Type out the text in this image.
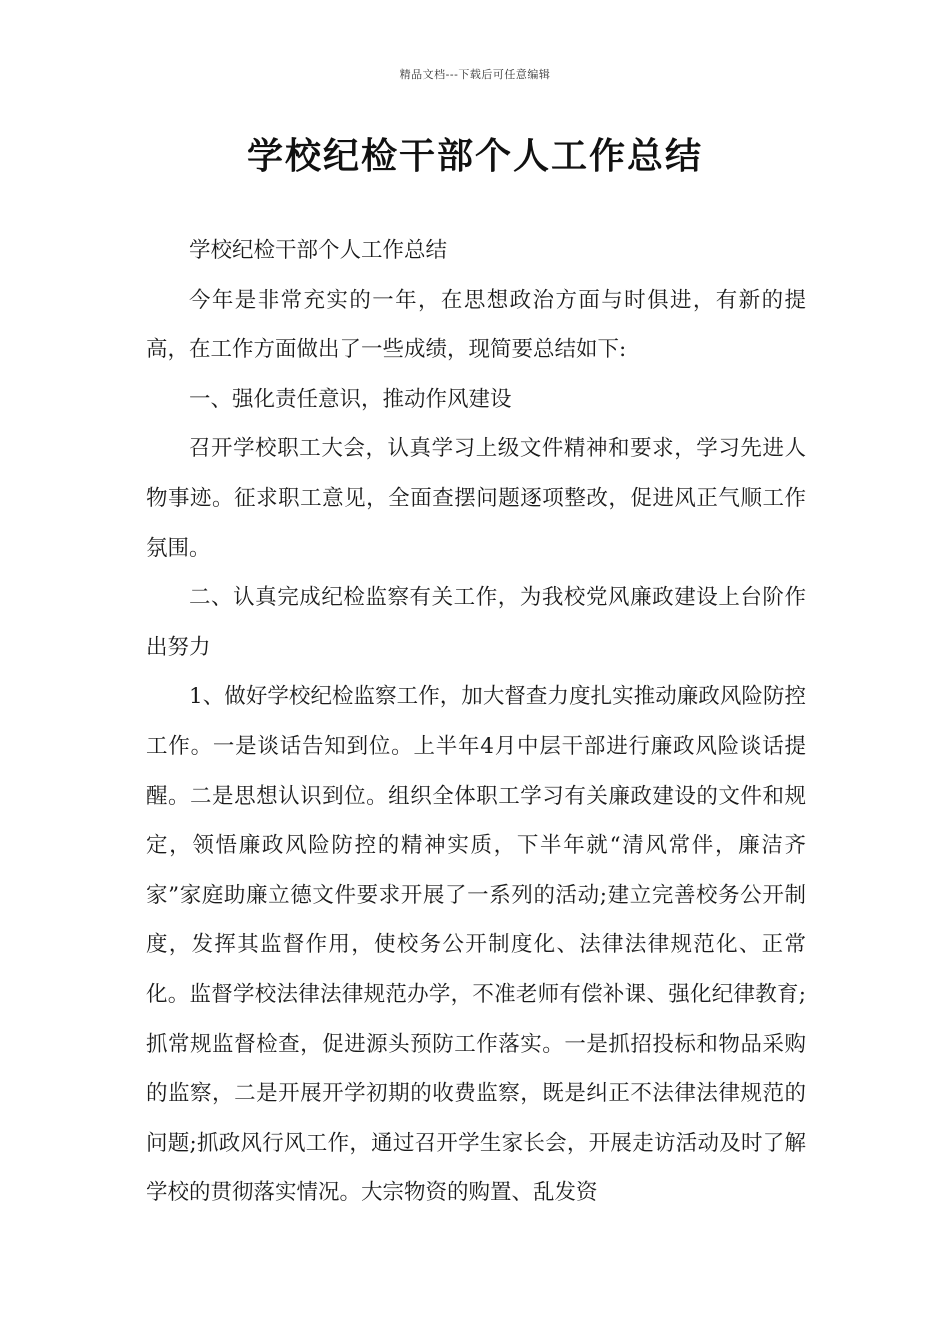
精品文档---下载后可任意编辑
学校纪检干部个人工作总结

学校纪检干部个人工作总结

今年是非常充实的一年，在思想政治方面与时俱进，有新的提高，在工作方面做出了一些成绩，现简要总结如下:

一、强化责任意识，推动作风建设

召开学校职工大会，认真学习上级文件精神和要求，学习先进人物事迹。征求职工意见，全面查摆问题逐项整改，促进风正气顺工作氛围。

二、认真完成纪检监察有关工作，为我校党风廉政建设上台阶作出努力

1、做好学校纪检监察工作，加大督查力度扎实推动廉政风险防控工作。一是谈话告知到位。上半年4月中层干部进行廉政风险谈话提醒。二是思想认识到位。组织全体职工学习有关廉政建设的文件和规定，领悟廉政风险防控的精神实质，下半年就“清风常伴，廉洁齐家”家庭助廉立德文件要求开展了一系列的活动;建立完善校务公开制度，发挥其监督作用，使校务公开制度化、法律法律规范化、正常化。监督学校法律法律规范办学，不准老师有偿补课、强化纪律教育;抓常规监督检查，促进源头预防工作落实。一是抓招投标和物品采购的监察，二是开展开学初期的收费监察，既是纠正不法律法律规范的问题;抓政风行风工作，通过召开学生家长会，开展走访活动及时了解学校的贯彻落实情况。大宗物资的购置、乱发资
